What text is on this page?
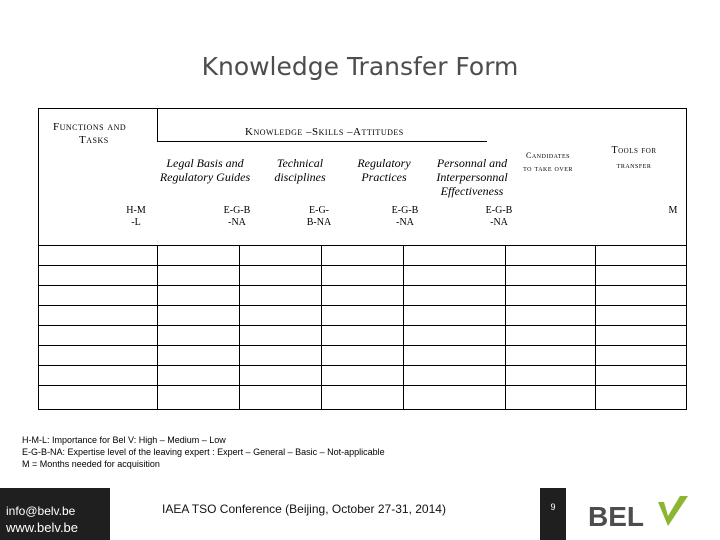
Knowledge Transfer Form
Functions and
Tasks
Knowledge –Skills –Attitudes
Candidates
to take over
Tools for
transfer
Legal Basis and Regulatory Guides
Technical disciplines
Regulatory Practices
Personnal and Interpersonnal Effectiveness
H-M
-L
E-G-B
-NA
E-G-
B-NA
E-G-B
-NA
E-G-B
-NA
M
H-M-L: Importance for Bel V: High – Medium – Low
E-G-B-NA: Expertise level of the leaving expert : Expert – General – Basic – Not-applicable
M = Months needed for acquisition
info@belv.be
www.belv.be
IAEA TSO Conference (Beijing, October 27-31, 2014)	9	BEL
